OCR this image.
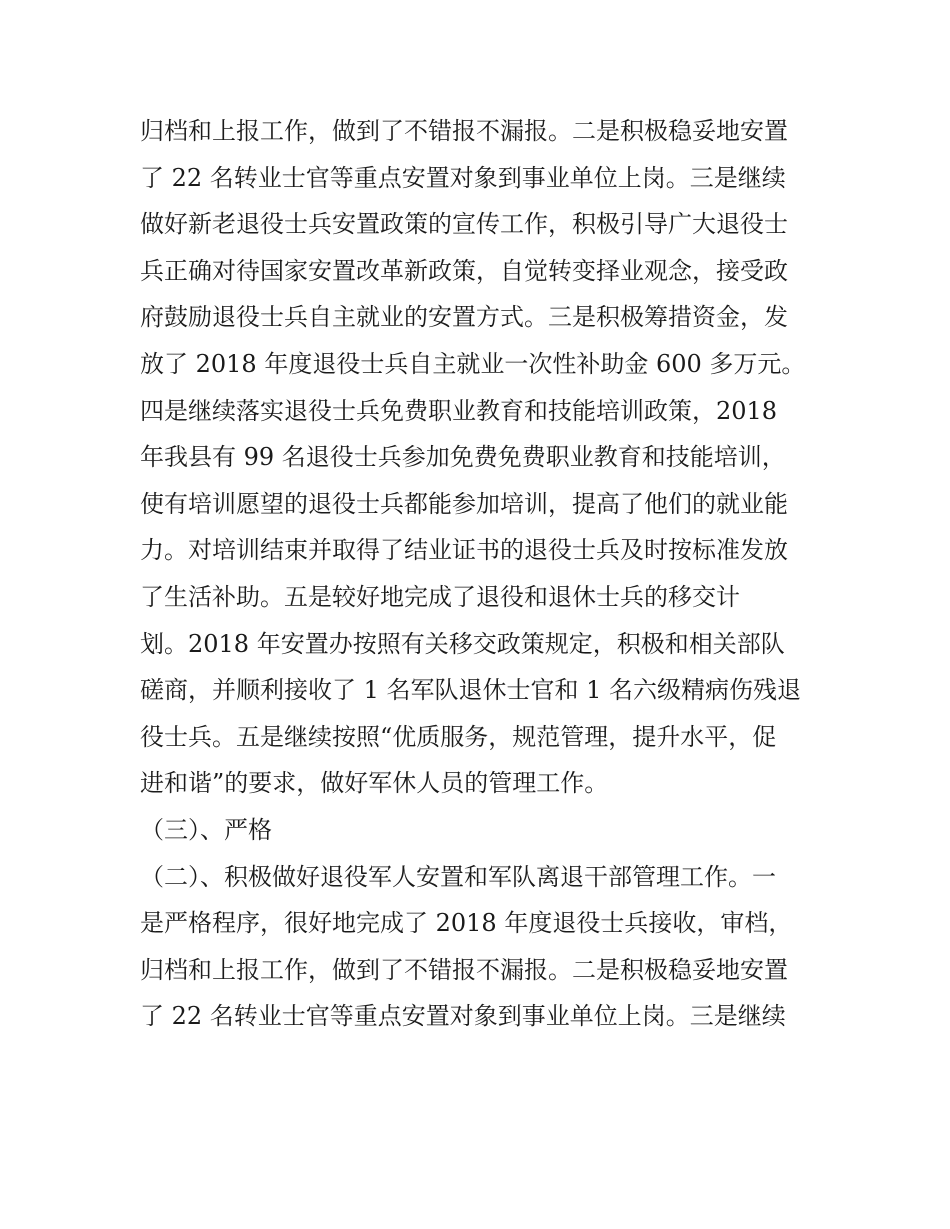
归档和上报工作，做到了不错报不漏报。二是积极稳妥地安置
了 22 名转业士官等重点安置对象到事业单位上岗。三是继续
做好新老退役士兵安置政策的宣传工作，积极引导广大退役士
兵正确对待国家安置改革新政策，自觉转变择业观念，接受政
府鼓励退役士兵自主就业的安置方式。三是积极筹措资金，发
放了 2018 年度退役士兵自主就业一次性补助金 600 多万元。
四是继续落实退役士兵免费职业教育和技能培训政策，2018
年我县有 99 名退役士兵参加免费免费职业教育和技能培训，
使有培训愿望的退役士兵都能参加培训，提高了他们的就业能
力。对培训结束并取得了结业证书的退役士兵及时按标准发放
了生活补助。五是较好地完成了退役和退休士兵的移交计
划。2018 年安置办按照有关移交政策规定，积极和相关部队
磋商，并顺利接收了 1 名军队退休士官和 1 名六级精病伤残退
役士兵。五是继续按照“优质服务，规范管理，提升水平，促
进和谐”的要求，做好军休人员的管理工作。
（三）、严格
（二）、积极做好退役军人安置和军队离退干部管理工作。一
是严格程序，很好地完成了 2018 年度退役士兵接收，审档，
归档和上报工作，做到了不错报不漏报。二是积极稳妥地安置
了 22 名转业士官等重点安置对象到事业单位上岗。三是继续
